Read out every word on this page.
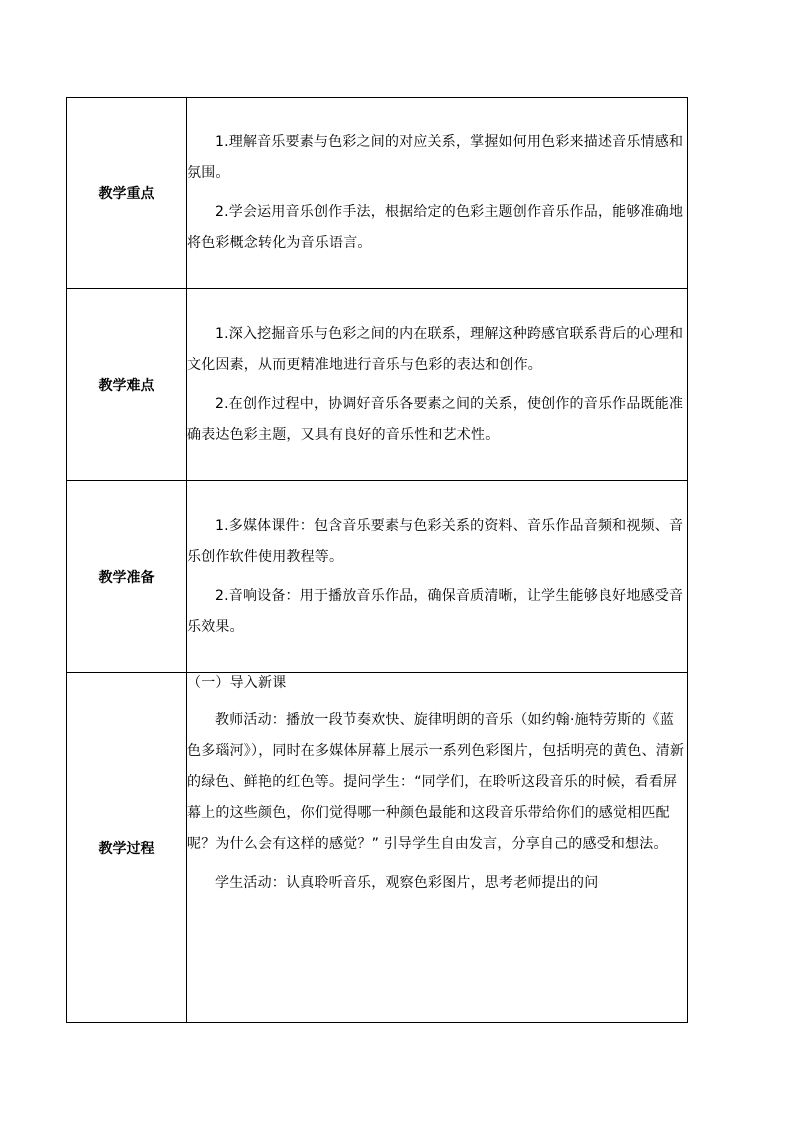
教学重点	1.理解音乐要素与色彩之间的对应关系，掌握如何用色彩来描述音乐情感和氛围。

2.学会运用音乐创作手法，根据给定的色彩主题创作音乐作品，能够准确地将色彩概念转化为音乐语言。

教学难点	1.深入挖掘音乐与色彩之间的内在联系，理解这种跨感官联系背后的心理和文化因素，从而更精准地进行音乐与色彩的表达和创作。

2.在创作过程中，协调好音乐各要素之间的关系，使创作的音乐作品既能准确表达色彩主题，又具有良好的音乐性和艺术性。

教学准备	1.多媒体课件：包含音乐要素与色彩关系的资料、音乐作品音频和视频、音乐创作软件使用教程等。

2.音响设备：用于播放音乐作品，确保音质清晰，让学生能够良好地感受音乐效果。

教学过程	（一）导入新课

教师活动：播放一段节奏欢快、旋律明朗的音乐（如约翰·施特劳斯的《蓝色多瑙河》），同时在多媒体屏幕上展示一系列色彩图片，包括明亮的黄色、清新的绿色、鲜艳的红色等。提问学生：“同学们，在聆听这段音乐的时候，看看屏幕上的这些颜色，你们觉得哪一种颜色最能和这段音乐带给你们的感觉相匹配呢？为什么会有这样的感觉？” 引导学生自由发言，分享自己的感受和想法。

学生活动：认真聆听音乐，观察色彩图片，思考老师提出的问
